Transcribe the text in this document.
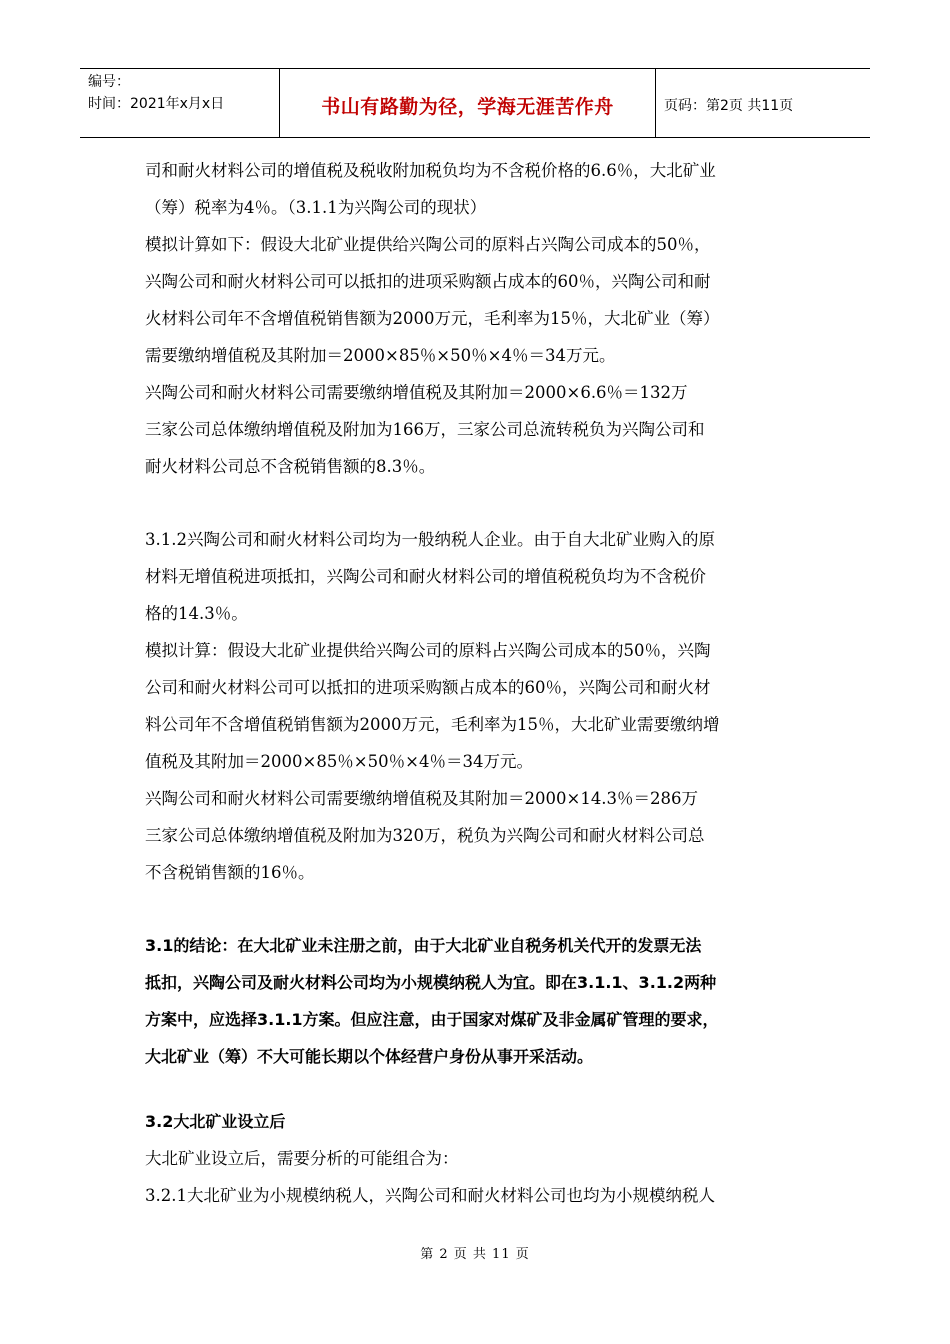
编号：
时间：2021年x月x日	书山有路勤为径，学海无涯苦作舟	页码：第2页 共11页
司和耐火材料公司的增值税及税收附加税负均为不含税价格的6.6％，大北矿业
（筹）税率为4％。（3.1.1为兴陶公司的现状）
模拟计算如下：假设大北矿业提供给兴陶公司的原料占兴陶公司成本的50％，
兴陶公司和耐火材料公司可以抵扣的进项采购额占成本的60％，兴陶公司和耐
火材料公司年不含增值税销售额为2000万元，毛利率为15％，大北矿业（筹）
需要缴纳增值税及其附加＝2000×85％×50％×4％＝34万元。
兴陶公司和耐火材料公司需要缴纳增值税及其附加＝2000×6.6％＝132万
三家公司总体缴纳增值税及附加为166万，三家公司总流转税负为兴陶公司和
耐火材料公司总不含税销售额的8.3％。
3.1.2兴陶公司和耐火材料公司均为一般纳税人企业。由于自大北矿业购入的原
材料无增值税进项抵扣，兴陶公司和耐火材料公司的增值税税负均为不含税价
格的14.3％。
模拟计算：假设大北矿业提供给兴陶公司的原料占兴陶公司成本的50％，兴陶
公司和耐火材料公司可以抵扣的进项采购额占成本的60％，兴陶公司和耐火材
料公司年不含增值税销售额为2000万元，毛利率为15％，大北矿业需要缴纳增
值税及其附加＝2000×85％×50％×4％＝34万元。
兴陶公司和耐火材料公司需要缴纳增值税及其附加＝2000×14.3％＝286万
三家公司总体缴纳增值税及附加为320万，税负为兴陶公司和耐火材料公司总
不含税销售额的16％。
3.1的结论：在大北矿业未注册之前，由于大北矿业自税务机关代开的发票无法
抵扣，兴陶公司及耐火材料公司均为小规模纳税人为宜。即在3.1.1、3.1.2两种
方案中，应选择3.1.1方案。但应注意，由于国家对煤矿及非金属矿管理的要求，
大北矿业（筹）不大可能长期以个体经营户身份从事开采活动。
3.2大北矿业设立后
大北矿业设立后，需要分析的可能组合为：
3.2.1大北矿业为小规模纳税人，兴陶公司和耐火材料公司也均为小规模纳税人
第 2 页 共 11 页
